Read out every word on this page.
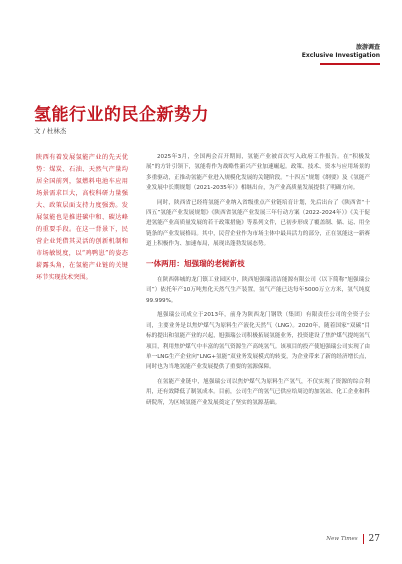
旅游调查
Exclusive Investigation
氢能行业的民企新势力
文 / 杜林杰
陕西有着发展氢能产业的先天优势：煤炭、石油、天然气产量均居全国前列，氢燃料电池车应用场景需求巨大，高校科研力量强大、政策层面支持力度强劲。发展氢能也是推进碳中和、碳达峰的重要手段。在这一背景下，民营企业凭借其灵活的创新机制和市场敏锐度，以“鸡鸭崽”的姿态崭露头角，在氢能产业链的关键环节实现技术突围。

2025年3月，全国两会召开期间，氢能产业被首次写入政府工作报告。在“积极发展”的方针引领下，氢能将作为战略性新兴产业加速崛起。政策、技术、资本与应用场景的多重驱动，正推动氢能产业进入规模化发展的关键阶段。“十四五”规划《纲要》及《氢能产业发展中长期规划（2021-2035年）》相继出台，为产业高质量发展提供了明确方向。

同时，陕西省已经将氢能产业纳入省级重点产业链培育计划，先后出台了《陕西省“十四五”氢能产业发展规划》《陕西省氢能产业发展三年行动方案（2022-2024年）》《关于促进氢能产业高质量发展的若干政策措施》等系列文件，已初步形成了覆盖制、储、运、用全链条的产业发展格局。其中，民营企业作为市场主体中最具活力的部分，正在氢能这一新赛道上积极作为、加速布局，展现出蓬勃发展态势。

一体两用：旭强瑞的老树新枝

在陕西韩城的龙门镇工业园区中，陕西旭强瑞清洁能源有限公司（以下简称“旭强瑞公司”）依托年产10万吨焦化天然气生产装置，氢气产能已达每年5000万立方米，氢气纯度99.999%。

旭强瑞公司成立于2013年，前身为陕西龙门钢铁（集团）有限责任公司的全资子公司，主要业务是以焦炉煤气为原料生产液化天然气（LNG）。2020年，随着国家“双碳”目标的提出和氢能产业的兴起，旭强瑞公司积极拓展氢能业务，投资建设了焦炉煤气提纯氢气项目，利用焦炉煤气中丰富的氢气资源生产高纯氢气。该项目的投产使旭强瑞公司实现了由单一LNG生产企业向“LNG+氢能”双业务发展模式的转变，为企业带来了新的经济增长点，同时也为当地氢能产业发展提供了重要的氢源保障。

在氢能产业链中，旭强瑞公司以焦炉煤气为原料生产氢气，不仅实现了资源的综合利用，还有效降低了制氢成本。目前，公司生产的氢气已供应给周边的加氢站、化工企业和科研院所，为区域氢能产业发展奠定了坚实的氢源基础。

New Times 27
